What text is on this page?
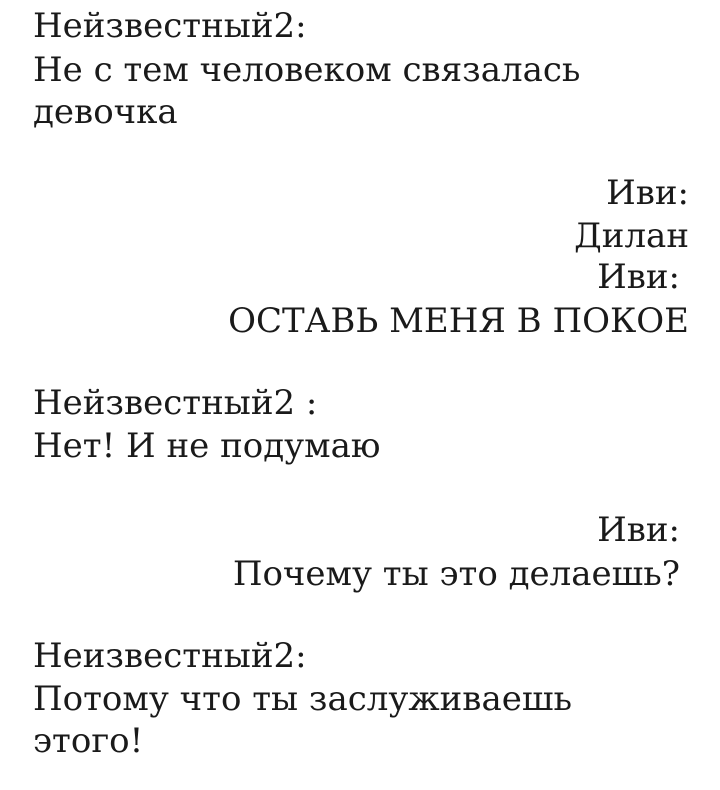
Нейзвестный2:
Не с тем человеком связалась
девочка
Иви:
Дилан
Иви:
ОСТАВЬ МЕНЯ В ПОКОЕ
Нейзвестный2 :
Нет! И не подумаю
Иви:
Почему ты это делаешь?
Неизвестный2:
Потому что ты заслуживаешь
этого!
